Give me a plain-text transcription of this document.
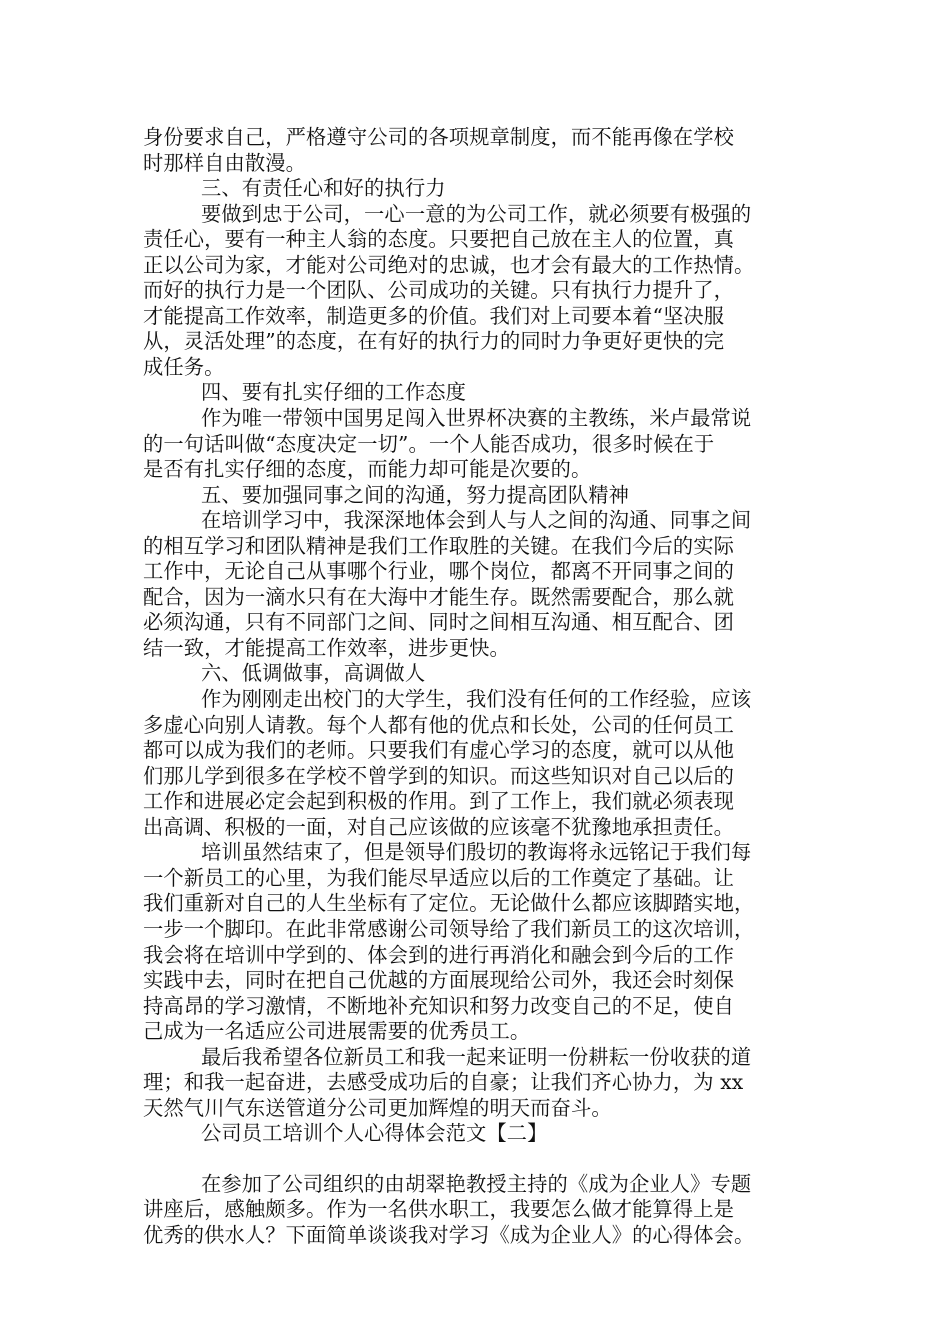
身份要求自己，严格遵守公司的各项规章制度，而不能再像在学校
时那样自由散漫。
三、有责任心和好的执行力
要做到忠于公司，一心一意的为公司工作，就必须要有极强的
责任心，要有一种主人翁的态度。只要把自己放在主人的位置，真
正以公司为家，才能对公司绝对的忠诚，也才会有最大的工作热情。
而好的执行力是一个团队、公司成功的关键。只有执行力提升了，
才能提高工作效率，制造更多的价值。我们对上司要本着“坚决服
从，灵活处理”的态度，在有好的执行力的同时力争更好更快的完
成任务。
四、要有扎实仔细的工作态度
作为唯一带领中国男足闯入世界杯决赛的主教练，米卢最常说
的一句话叫做“态度决定一切”。一个人能否成功，很多时候在于
是否有扎实仔细的态度，而能力却可能是次要的。
五、要加强同事之间的沟通，努力提高团队精神
在培训学习中，我深深地体会到人与人之间的沟通、同事之间
的相互学习和团队精神是我们工作取胜的关键。在我们今后的实际
工作中，无论自己从事哪个行业，哪个岗位，都离不开同事之间的
配合，因为一滴水只有在大海中才能生存。既然需要配合，那么就
必须沟通，只有不同部门之间、同时之间相互沟通、相互配合、团
结一致，才能提高工作效率，进步更快。
六、低调做事，高调做人
作为刚刚走出校门的大学生，我们没有任何的工作经验，应该
多虚心向别人请教。每个人都有他的优点和长处，公司的任何员工
都可以成为我们的老师。只要我们有虚心学习的态度，就可以从他
们那儿学到很多在学校不曾学到的知识。而这些知识对自己以后的
工作和进展必定会起到积极的作用。到了工作上，我们就必须表现
出高调、积极的一面，对自己应该做的应该毫不犹豫地承担责任。
培训虽然结束了，但是领导们殷切的教诲将永远铭记于我们每
一个新员工的心里，为我们能尽早适应以后的工作奠定了基础。让
我们重新对自己的人生坐标有了定位。无论做什么都应该脚踏实地，
一步一个脚印。在此非常感谢公司领导给了我们新员工的这次培训，
我会将在培训中学到的、体会到的进行再消化和融会到今后的工作
实践中去，同时在把自己优越的方面展现给公司外，我还会时刻保
持高昂的学习激情，不断地补充知识和努力改变自己的不足，使自
己成为一名适应公司进展需要的优秀员工。
最后我希望各位新员工和我一起来证明一份耕耘一份收获的道
理；和我一起奋进，去感受成功后的自豪；让我们齐心协力，为 xx
天然气川气东送管道分公司更加辉煌的明天而奋斗。
公司员工培训个人心得体会范文【二】
在参加了公司组织的由胡翠艳教授主持的《成为企业人》专题
讲座后，感触颇多。作为一名供水职工，我要怎么做才能算得上是
优秀的供水人？下面简单谈谈我对学习《成为企业人》的心得体会。
